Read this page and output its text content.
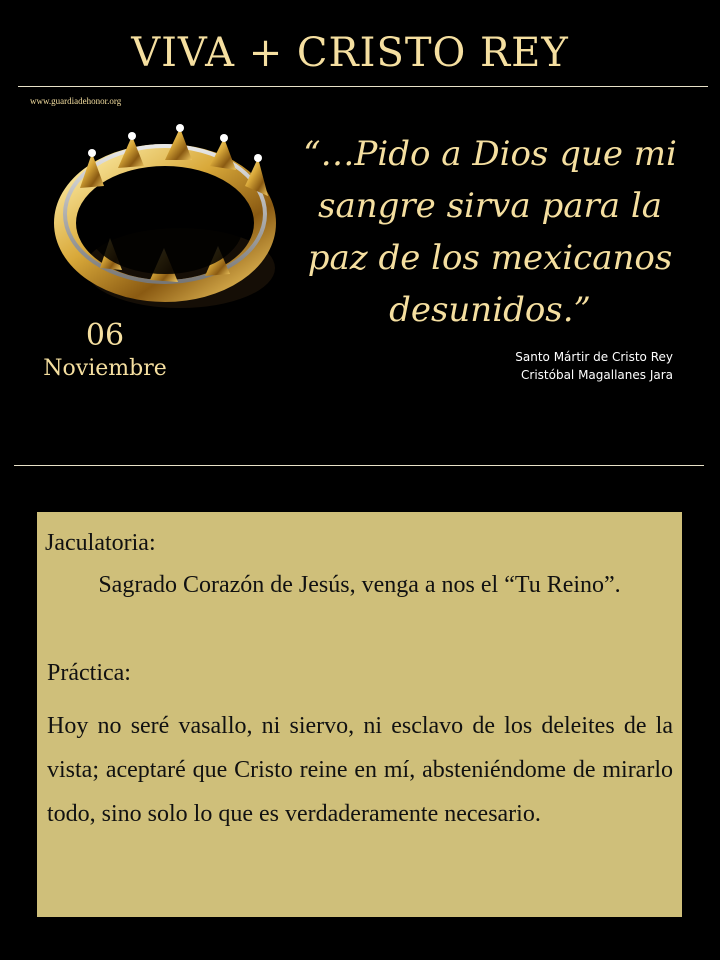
VIVA + CRISTO REY
www.guardiadehonor.org
06
Noviembre
“…Pido a Dios que mi sangre sirva para la paz de los mexicanos desunidos.”
Santo Mártir de Cristo Rey
Cristóbal Magallanes Jara
Jaculatoria:
Sagrado Corazón de Jesús, venga a nos el “Tu Reino”.
Práctica:
Hoy no seré vasallo, ni siervo, ni esclavo de los deleites de la vista; aceptaré que Cristo reine en mí, absteniéndome de mirarlo todo, sino solo lo que es verdaderamente necesario.
